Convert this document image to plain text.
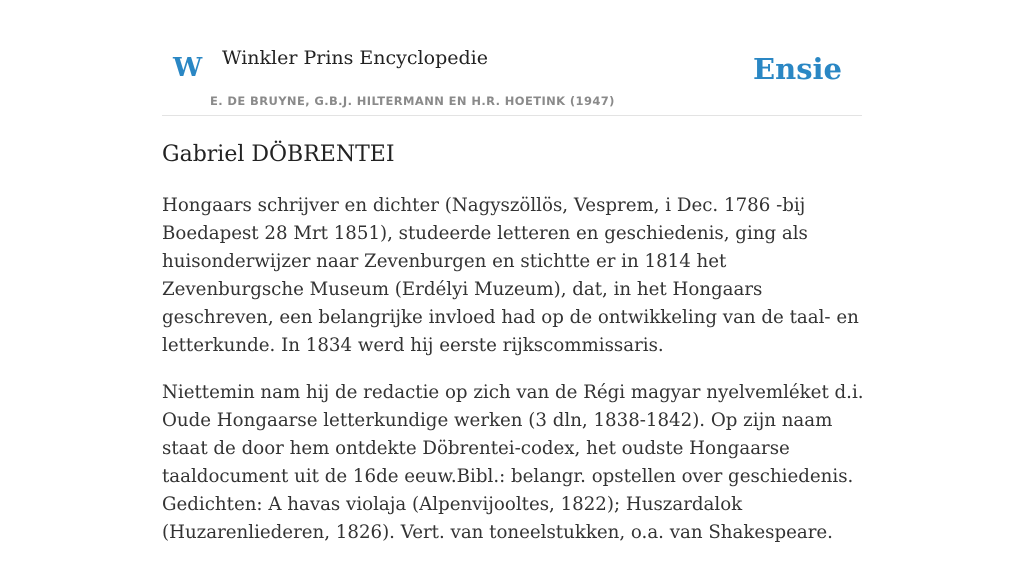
W Winkler Prins Encyclopedie
E. DE BRUYNE, G.B.J. HILTERMANN EN H.R. HOETINK (1947)
Ensie
Gabriel DÖBRENTEI

Hongaars schrijver en dichter (Nagyszöllös, Vesprem, i Dec. 1786 -bij Boedapest 28 Mrt 1851), studeerde letteren en geschiedenis, ging als huisonderwijzer naar Zevenburgen en stichtte er in 1814 het Zevenburgsche Museum (Erdélyi Muzeum), dat, in het Hongaars geschreven, een belangrijke invloed had op de ontwikkeling van de taal- en letterkunde. In 1834 werd hij eerste rijkscommissaris.

Niettemin nam hij de redactie op zich van de Régi magyar nyelvemléket d.i. Oude Hongaarse letterkundige werken (3 dln, 1838-1842). Op zijn naam staat de door hem ontdekte Döbrentei-codex, het oudste Hongaarse taaldocument uit de 16de eeuw.Bibl.: belangr. opstellen over geschiedenis. Gedichten: A havas violaja (Alpenvijooltes, 1822); Huszardalok (Huzarenliederen, 1826). Vert. van toneelstukken, o.a. van Shakespeare.
